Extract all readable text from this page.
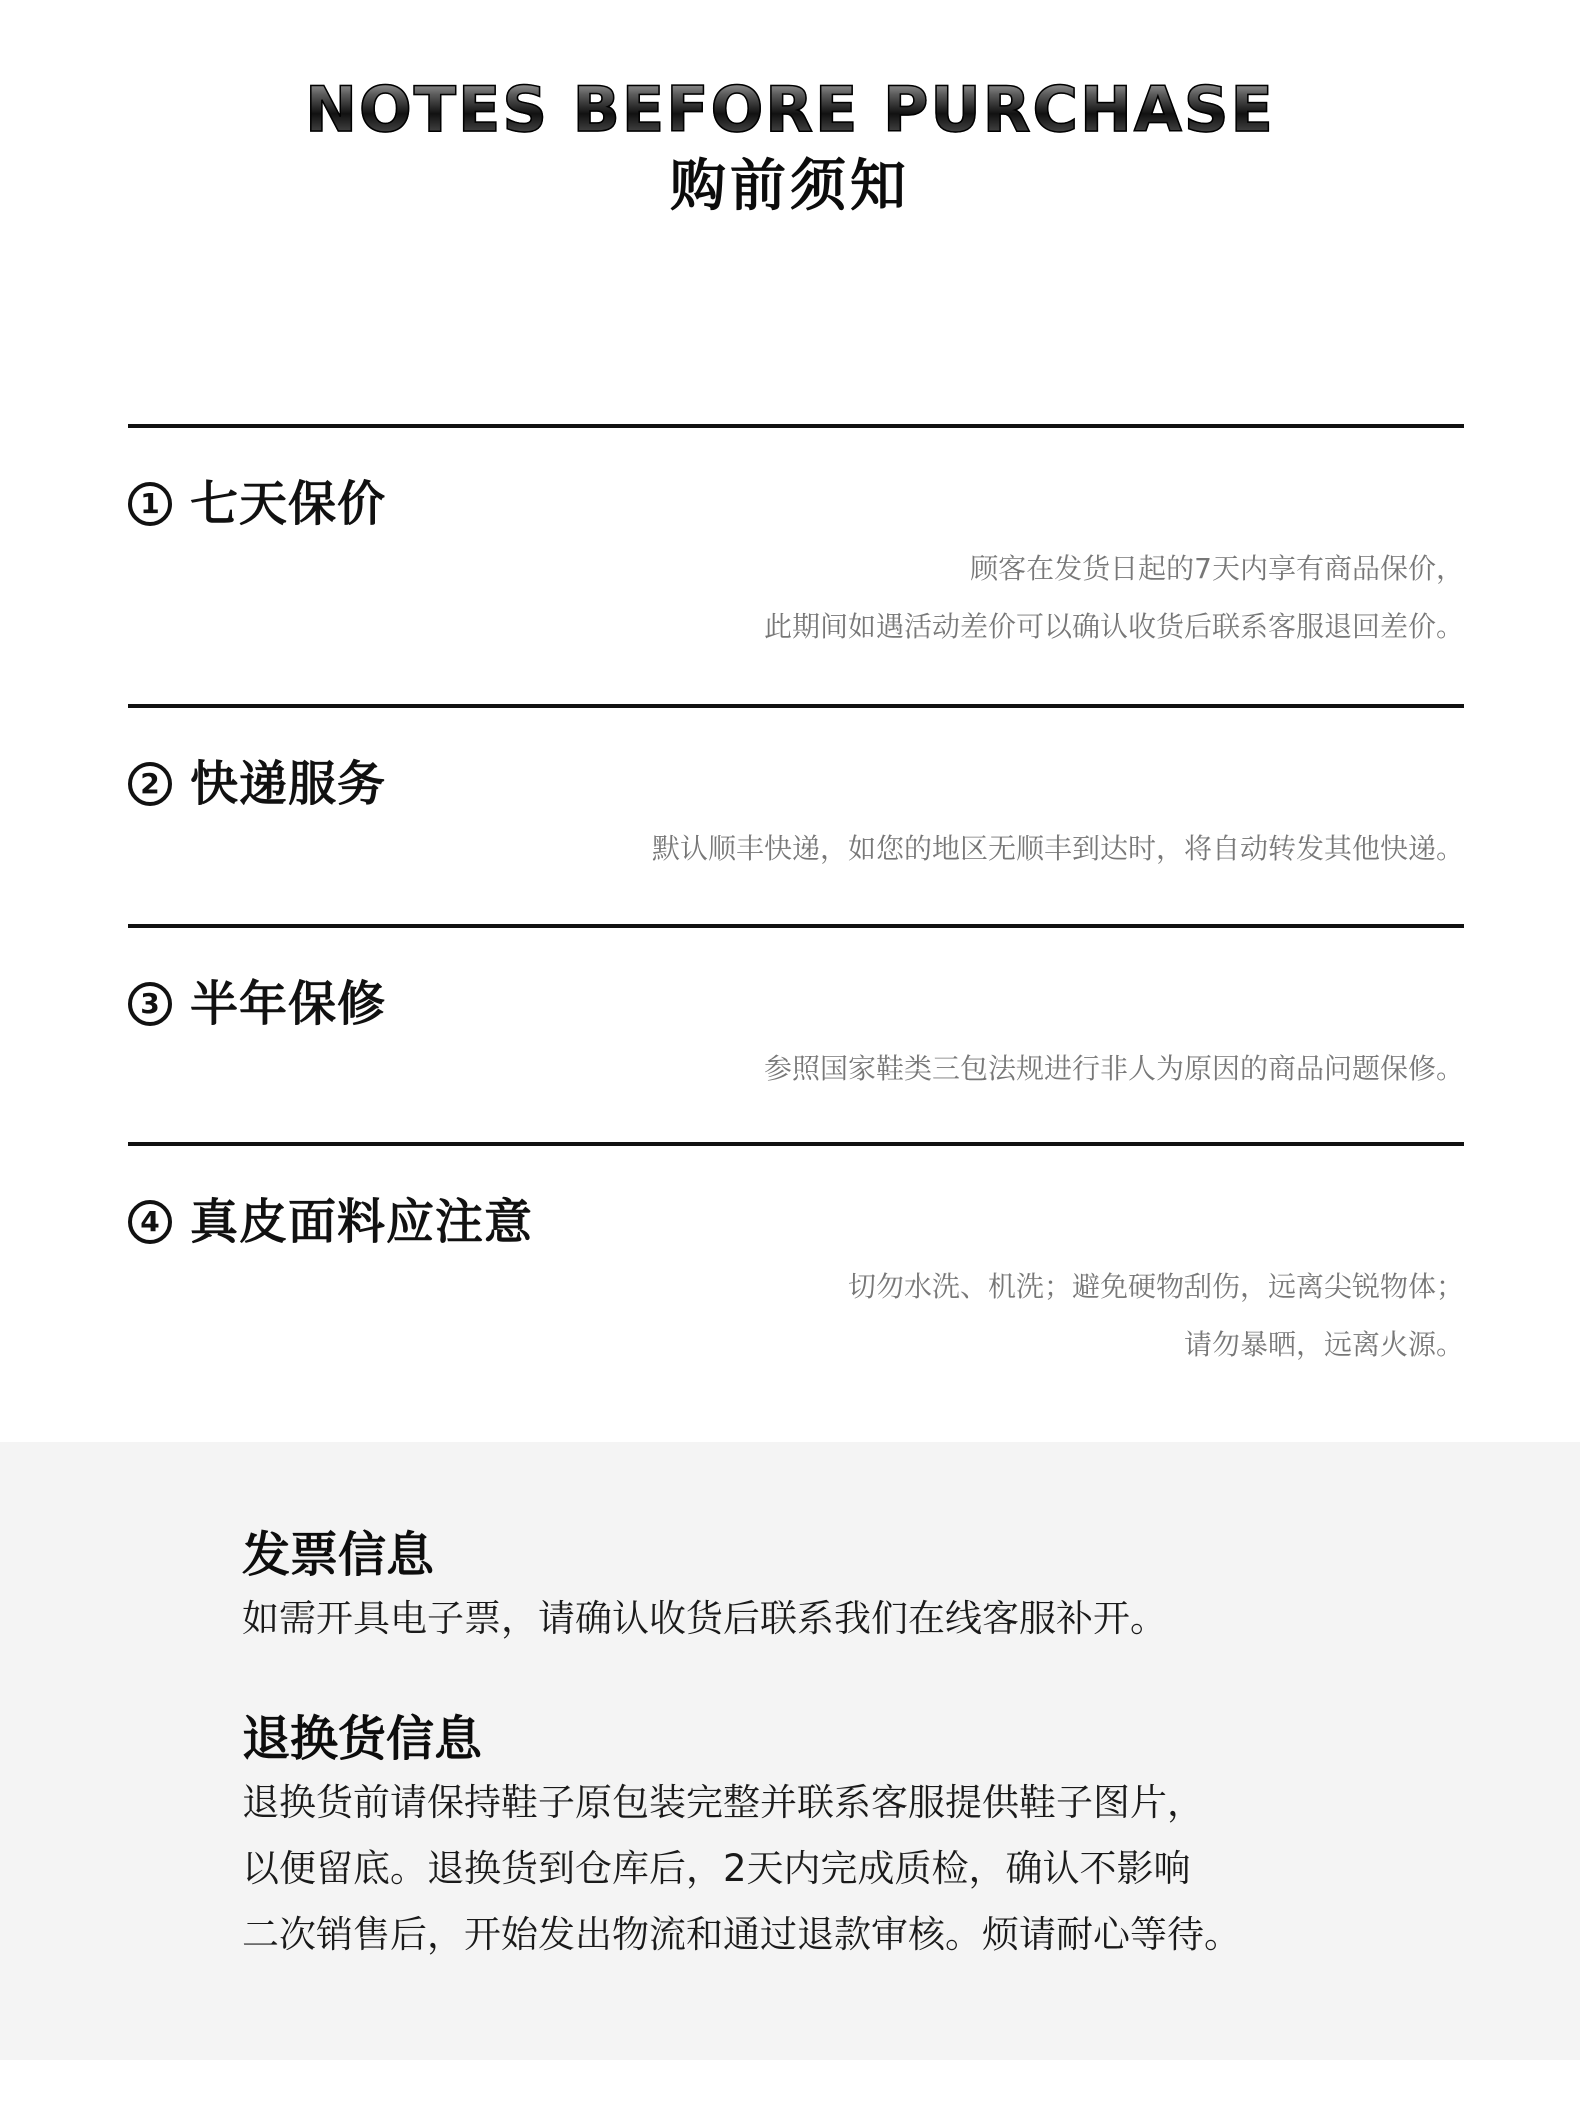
NOTES BEFORE PURCHASE
购前须知
1 七天保价
顾客在发货日起的7天内享有商品保价，
此期间如遇活动差价可以确认收货后联系客服退回差价。
2 快递服务
默认顺丰快递，如您的地区无顺丰到达时，将自动转发其他快递。
3 半年保修
参照国家鞋类三包法规进行非人为原因的商品问题保修。
4 真皮面料应注意
切勿水洗、机洗；避免硬物刮伤，远离尖锐物体；
请勿暴晒，远离火源。
发票信息
如需开具电子票，请确认收货后联系我们在线客服补开。
退换货信息
退换货前请保持鞋子原包装完整并联系客服提供鞋子图片，
以便留底。退换货到仓库后，2天内完成质检，确认不影响
二次销售后，开始发出物流和通过退款审核。烦请耐心等待。
